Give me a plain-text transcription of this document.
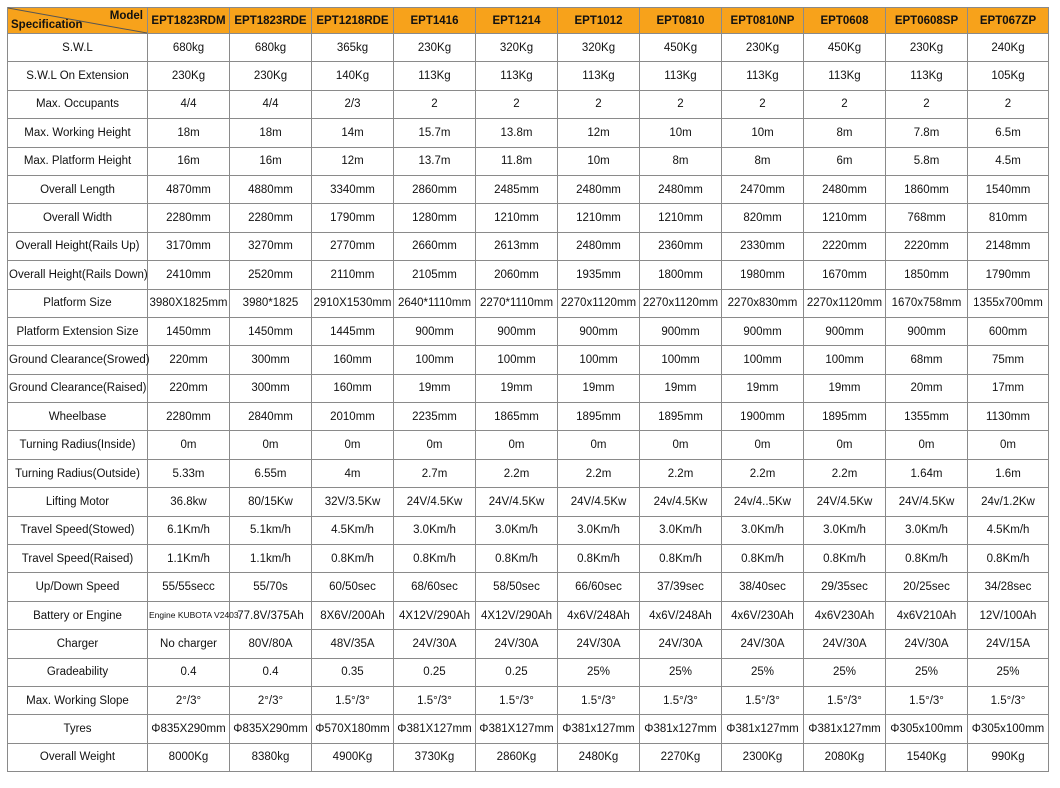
Model
Specification	EPT1823RDM	EPT1823RDE	EPT1218RDE	EPT1416	EPT1214	EPT1012	EPT0810	EPT0810NP	EPT0608	EPT0608SP	EPT067ZP
S.W.L	680kg	680kg	365kg	230Kg	320Kg	320Kg	450Kg	230Kg	450Kg	230Kg	240Kg
S.W.L On Extension	230Kg	230Kg	140Kg	113Kg	113Kg	113Kg	113Kg	113Kg	113Kg	113Kg	105Kg
Max. Occupants	4/4	4/4	2/3	2	2	2	2	2	2	2	2
Max. Working Height	18m	18m	14m	15.7m	13.8m	12m	10m	10m	8m	7.8m	6.5m
Max. Platform Height	16m	16m	12m	13.7m	11.8m	10m	8m	8m	6m	5.8m	4.5m
Overall Length	4870mm	4880mm	3340mm	2860mm	2485mm	2480mm	2480mm	2470mm	2480mm	1860mm	1540mm
Overall Width	2280mm	2280mm	1790mm	1280mm	1210mm	1210mm	1210mm	820mm	1210mm	768mm	810mm
Overall Height(Rails Up)	3170mm	3270mm	2770mm	2660mm	2613mm	2480mm	2360mm	2330mm	2220mm	2220mm	2148mm
Overall Height(Rails Down)	2410mm	2520mm	2110mm	2105mm	2060mm	1935mm	1800mm	1980mm	1670mm	1850mm	1790mm
Platform Size	3980X1825mm	3980*1825	2910X1530mm	2640*1110mm	2270*1110mm	2270x1120mm	2270x1120mm	2270x830mm	2270x1120mm	1670x758mm	1355x700mm
Platform Extension Size	1450mm	1450mm	1445mm	900mm	900mm	900mm	900mm	900mm	900mm	900mm	600mm
Ground Clearance(Srowed)	220mm	300mm	160mm	100mm	100mm	100mm	100mm	100mm	100mm	68mm	75mm
Ground Clearance(Raised)	220mm	300mm	160mm	19mm	19mm	19mm	19mm	19mm	19mm	20mm	17mm
Wheelbase	2280mm	2840mm	2010mm	2235mm	1865mm	1895mm	1895mm	1900mm	1895mm	1355mm	1130mm
Turning Radius(Inside)	0m	0m	0m	0m	0m	0m	0m	0m	0m	0m	0m
Turning Radius(Outside)	5.33m	6.55m	4m	2.7m	2.2m	2.2m	2.2m	2.2m	2.2m	1.64m	1.6m
Lifting Motor	36.8kw	80/15Kw	32V/3.5Kw	24V/4.5Kw	24V/4.5Kw	24V/4.5Kw	24v/4.5Kw	24v/4..5Kw	24V/4.5Kw	24V/4.5Kw	24v/1.2Kw
Travel Speed(Stowed)	6.1Km/h	5.1km/h	4.5Km/h	3.0Km/h	3.0Km/h	3.0Km/h	3.0Km/h	3.0Km/h	3.0Km/h	3.0Km/h	4.5Km/h
Travel Speed(Raised)	1.1Km/h	1.1km/h	0.8Km/h	0.8Km/h	0.8Km/h	0.8Km/h	0.8Km/h	0.8Km/h	0.8Km/h	0.8Km/h	0.8Km/h
Up/Down Speed	55/55secc	55/70s	60/50sec	68/60sec	58/50sec	66/60sec	37/39sec	38/40sec	29/35sec	20/25sec	34/28sec
Battery or Engine	Engine KUBOTA V2403	77.8V/375Ah	8X6V/200Ah	4X12V/290Ah	4X12V/290Ah	4x6V/248Ah	4x6V/248Ah	4x6V/230Ah	4x6V230Ah	4x6V210Ah	12V/100Ah
Charger	No charger	80V/80A	48V/35A	24V/30A	24V/30A	24V/30A	24V/30A	24V/30A	24V/30A	24V/30A	24V/15A
Gradeability	0.4	0.4	0.35	0.25	0.25	25%	25%	25%	25%	25%	25%
Max. Working Slope	2°/3°	2°/3°	1.5°/3°	1.5°/3°	1.5°/3°	1.5°/3°	1.5°/3°	1.5°/3°	1.5°/3°	1.5°/3°	1.5°/3°
Tyres	Φ835X290mm	Φ835X290mm	Φ570X180mm	Φ381X127mm	Φ381X127mm	Φ381x127mm	Φ381x127mm	Φ381x127mm	Φ381x127mm	Φ305x100mm	Φ305x100mm
Overall Weight	8000Kg	8380kg	4900Kg	3730Kg	2860Kg	2480Kg	2270Kg	2300Kg	2080Kg	1540Kg	990Kg
